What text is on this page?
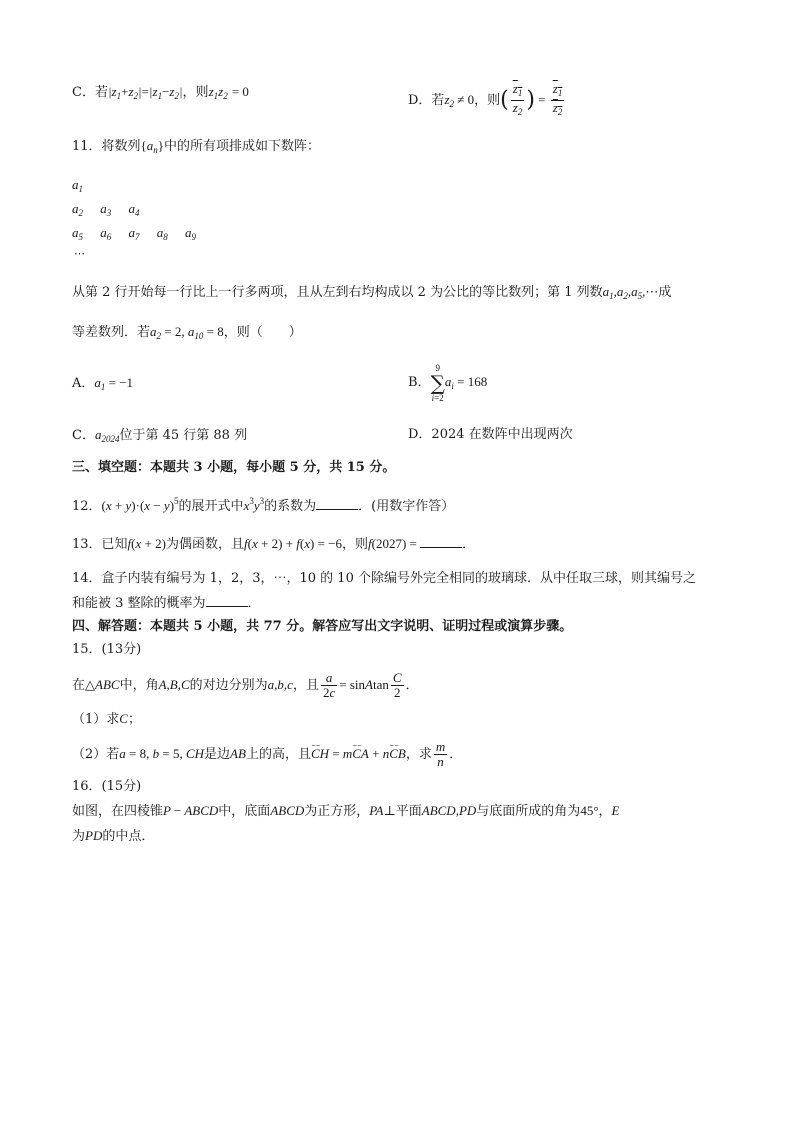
C．若$|z_1+z_2|=|z_1-z_2|$，则$z_1z_2 = 0$
D．若$z_2 \ne 0$，则( $\frac{z_1}{z_2}$ ) = $\frac{z_1}{z_2}$
11．将数列$\{a_n\}$中的所有项排成如下数阵：
$a_1$
$a_2$ $a_3$ $a_4$
$a_5$ $a_6$ $a_7$ $a_8$ $a_9$
⋯
从第 2 行开始每一行比上一行多两项，且从左到右均构成以 2 为公比的等比数列；第 1 列数$a_1,a_2,a_5,\cdots$成
等差数列．若$a_2 = 2$, $a_{10} = 8$，则（　　）
A．$a_1 = -1$	B．
9
∑
i=2
$a_i = 168$
C．$a_{2024}$位于第 45 行第 88 列	D．2024 在数阵中出现两次
三、填空题：本题共 3 小题，每小题 5 分，共 15 分。
12．$(x + y)\cdot(x - y)^5$的展开式中$x^3y^3$的系数为	．(用数字作答）
13．已知f(x + 2)为偶函数，且f(x + 2) + f(x) = −6，则f(2027) =	．
14．盒子内装有编号为 1，2，3，⋯，10 的 10 个除编号外完全相同的玻璃球．从中任取三球，则其编号之
和能被 3 整除的概率为	．
四、解答题：本题共 5 小题，共 77 分。解答应写出文字说明、证明过程或演算步骤。
15．(13分)
在△ABC中，角A,B,C的对边分别为a,b,c，且 $\frac{a}{2c}$ = sinAtan $\frac{C}{2}$ ．
（1）求C；
（2）若a = 8, b = 5, CH是边AB上的高，且⌣⌣ CH = m⌣⌣ CA + n⌣⌣ CB，求 $\frac{m}{n}$ ．
16．(15分)
如图，在四棱锥P − ABCD中，底面ABCD为正方形，PA⊥平面ABCD,PD与底面所成的角为45°，E
为PD的中点．
